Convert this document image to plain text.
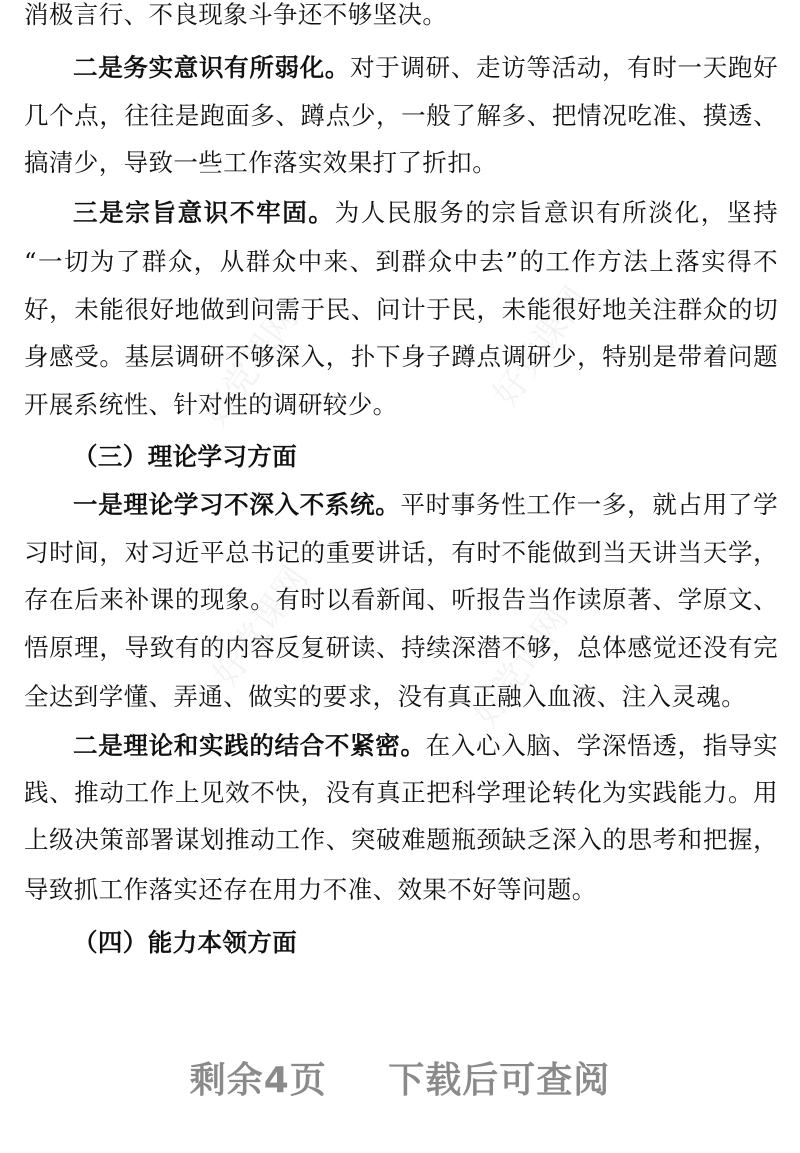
消极言行、不良现象斗争还不够坚决。
二是务实意识有所弱化。对于调研、走访等活动，有时一天跑好
几个点，往往是跑面多、蹲点少，一般了解多、把情况吃准、摸透、
搞清少，导致一些工作落实效果打了折扣。
三是宗旨意识不牢固。为人民服务的宗旨意识有所淡化，坚持
“一切为了群众，从群众中来、到群众中去”的工作方法上落实得不
好，未能很好地做到问需于民、问计于民，未能很好地关注群众的切
身感受。基层调研不够深入，扑下身子蹲点调研少，特别是带着问题
开展系统性、针对性的调研较少。
（三）理论学习方面
一是理论学习不深入不系统。平时事务性工作一多，就占用了学
习时间，对习近平总书记的重要讲话，有时不能做到当天讲当天学，
存在后来补课的现象。有时以看新闻、听报告当作读原著、学原文、
悟原理，导致有的内容反复研读、持续深潜不够，总体感觉还没有完
全达到学懂、弄通、做实的要求，没有真正融入血液、注入灵魂。
二是理论和实践的结合不紧密。在入心入脑、学深悟透，指导实
践、推动工作上见效不快，没有真正把科学理论转化为实践能力。用
上级决策部署谋划推动工作、突破难题瓶颈缺乏深入的思考和把握，
导致抓工作落实还存在用力不准、效果不好等问题。
（四）能力本领方面
好党课网	好党课网
好党课网	好党课网
剩余4页 下载后可查阅
